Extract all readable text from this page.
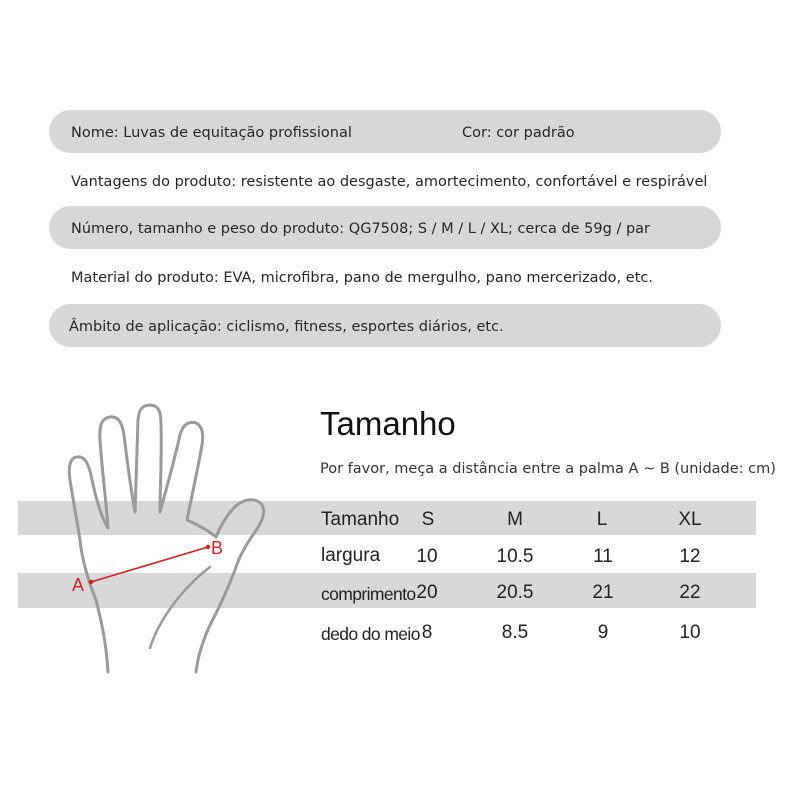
Nome: Luvas de equitação profissional	Cor: cor padrão
Vantagens do produto: resistente ao desgaste, amortecimento, confortável e respirável
Número, tamanho e peso do produto: QG7508; S / M / L / XL; cerca de 59g / par
Material do produto: EVA, microfibra, pano de mergulho, pano mercerizado, etc.
Âmbito de aplicação: ciclismo, fitness, esportes diários, etc.
A
B
Tamanho
Por favor, meça a distância entre a palma A ~ B (unidade: cm)
Tamanho S	M	L	XL
largura 10	10.5	11	12
comprimento 20	20.5	21	22
dedo do meio 8	8.5	9	10
